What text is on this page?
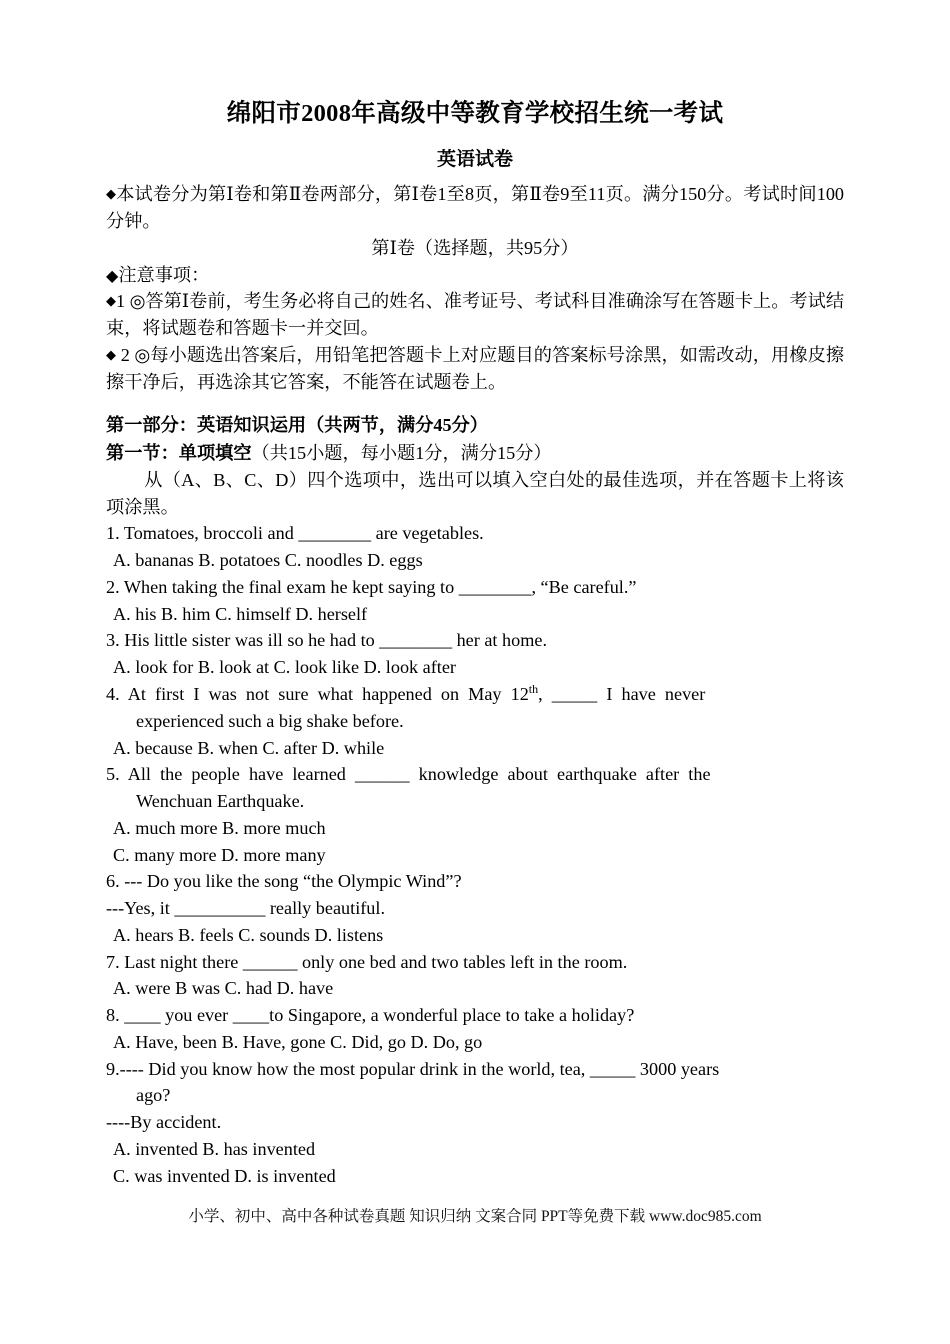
绵阳市2008年高级中等教育学校招生统一考试
英语试卷

◆本试卷分为第Ⅰ卷和第Ⅱ卷两部分，第Ⅰ卷1至8页，第Ⅱ卷9至11页。满分150分。考试时间100分钟。

第Ⅰ卷（选择题，共95分）

◆注意事项：

◆1 ◎答第Ⅰ卷前，考生务必将自己的姓名、准考证号、考试科目准确涂写在答题卡上。考试结束，将试题卷和答题卡一并交回。

◆ 2 ◎每小题选出答案后，用铅笔把答题卡上对应题目的答案标号涂黑，如需改动，用橡皮擦擦干净后，再选涂其它答案，不能答在试题卷上。

第一部分：英语知识运用（共两节，满分45分）

第一节：单项填空（共15小题，每小题1分，满分15分）

从（A、B、C、D）四个选项中，选出可以填入空白处的最佳选项，并在答题卡上将该项涂黑。

1. Tomatoes, broccoli and ________ are vegetables.

A. bananas B. potatoes C. noodles D. eggs

2. When taking the final exam he kept saying to ________, “Be careful.”

A. his B. him C. himself D. herself

3. His little sister was ill so he had to ________ her at home.

A. look for B. look at C. look like D. look after

4.  At  first  I  was  not  sure  what  happened  on  May  12th,  _____  I  have  never

experienced such a big shake before.

A. because B. when C. after D. while

5.  All  the  people  have  learned  ______  knowledge  about  earthquake  after  the

Wenchuan Earthquake.

A. much more B. more much

C. many more D. more many

6. --- Do you like the song “the Olympic Wind”?

---Yes, it __________ really beautiful.

A. hears B. feels C. sounds D. listens

7. Last night there ______ only one bed and two tables left in the room.

A. were B was C. had D. have

8. ____ you ever ____to Singapore, a wonderful place to take a holiday?

A. Have, been B. Have, gone C. Did, go D. Do, go

9.---- Did you know how the most popular drink in the world, tea, _____ 3000 years

ago?

----By accident.

A. invented B. has invented

C. was invented D. is invented

小学、初中、高中各种试卷真题 知识归纳 文案合同 PPT等免费下载 www.doc985.com
